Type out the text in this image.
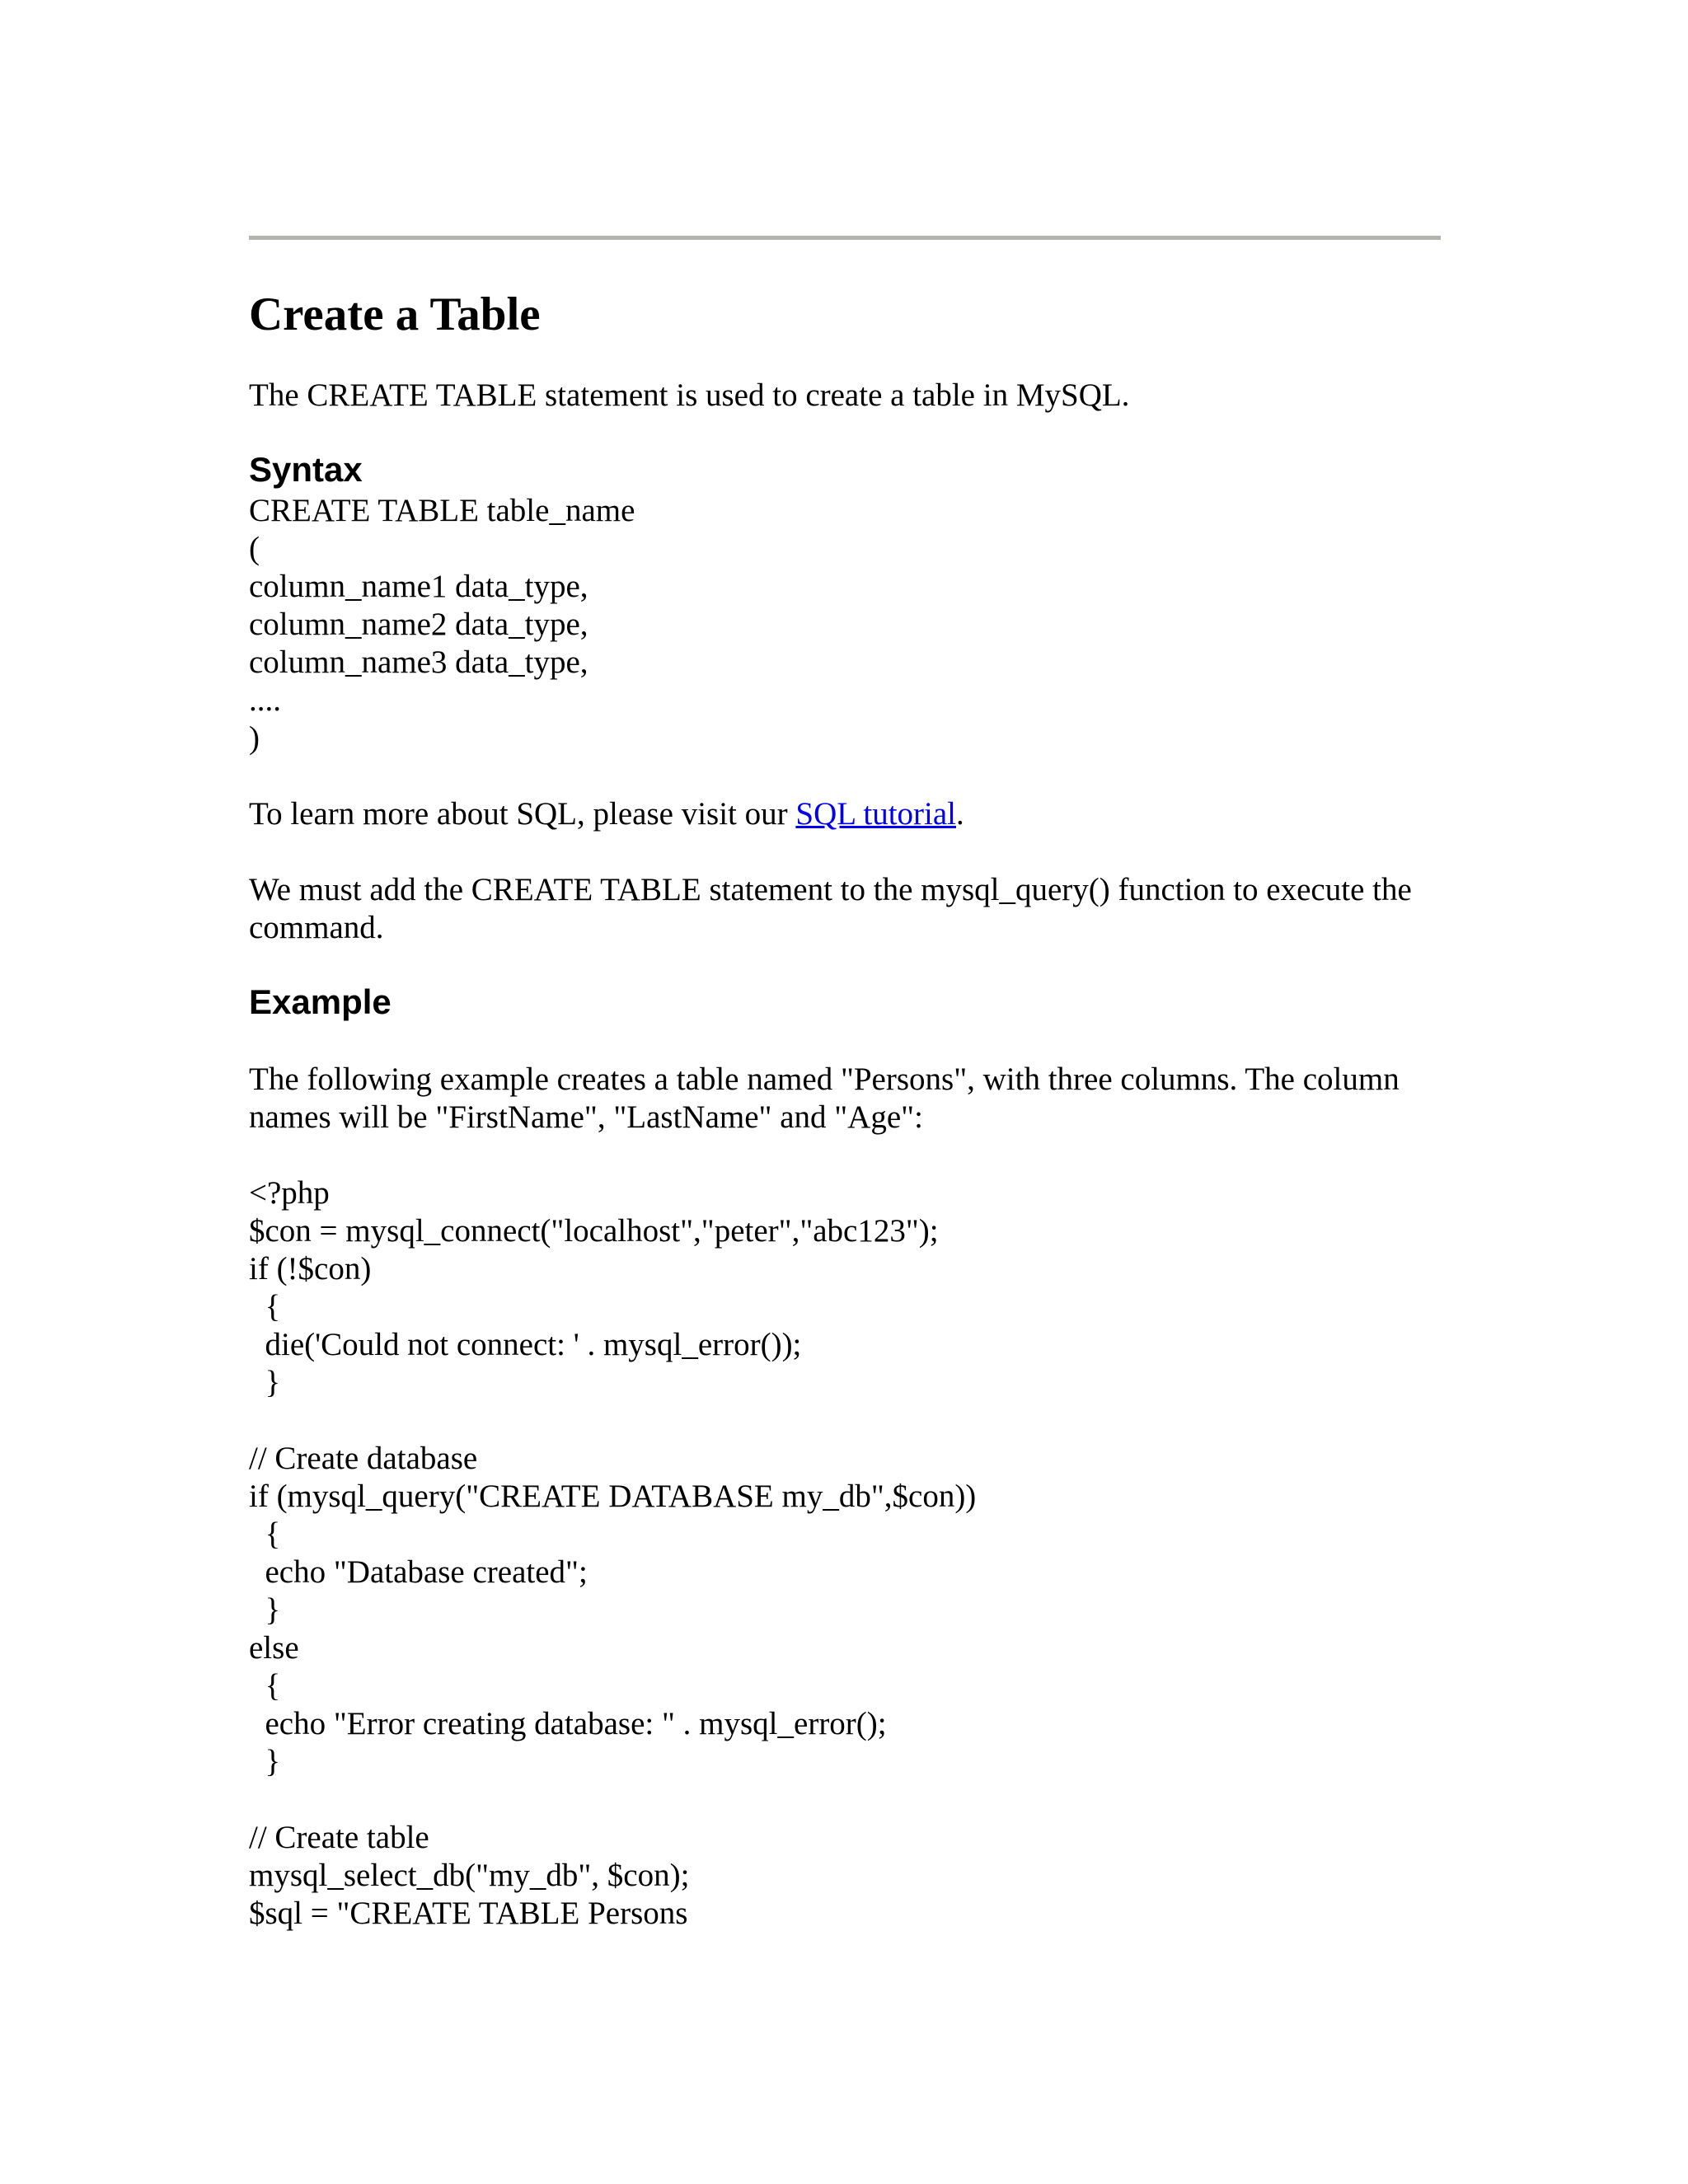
Create a Table

The CREATE TABLE statement is used to create a table in MySQL.

Syntax
CREATE TABLE table_name
(
column_name1 data_type,
column_name2 data_type,
column_name3 data_type,
....
)

To learn more about SQL, please visit our SQL tutorial.

We must add the CREATE TABLE statement to the mysql_query() function to execute the command.

Example

The following example creates a table named "Persons", with three columns. The column names will be "FirstName", "LastName" and "Age":

<?php
$con = mysql_connect("localhost","peter","abc123");
if (!$con)
{
die('Could not connect: ' . mysql_error());
}
// Create database
if (mysql_query("CREATE DATABASE my_db",$con))
{
echo "Database created";
}
else
{
echo "Error creating database: " . mysql_error();
}
// Create table
mysql_select_db("my_db", $con);
$sql = "CREATE TABLE Persons
